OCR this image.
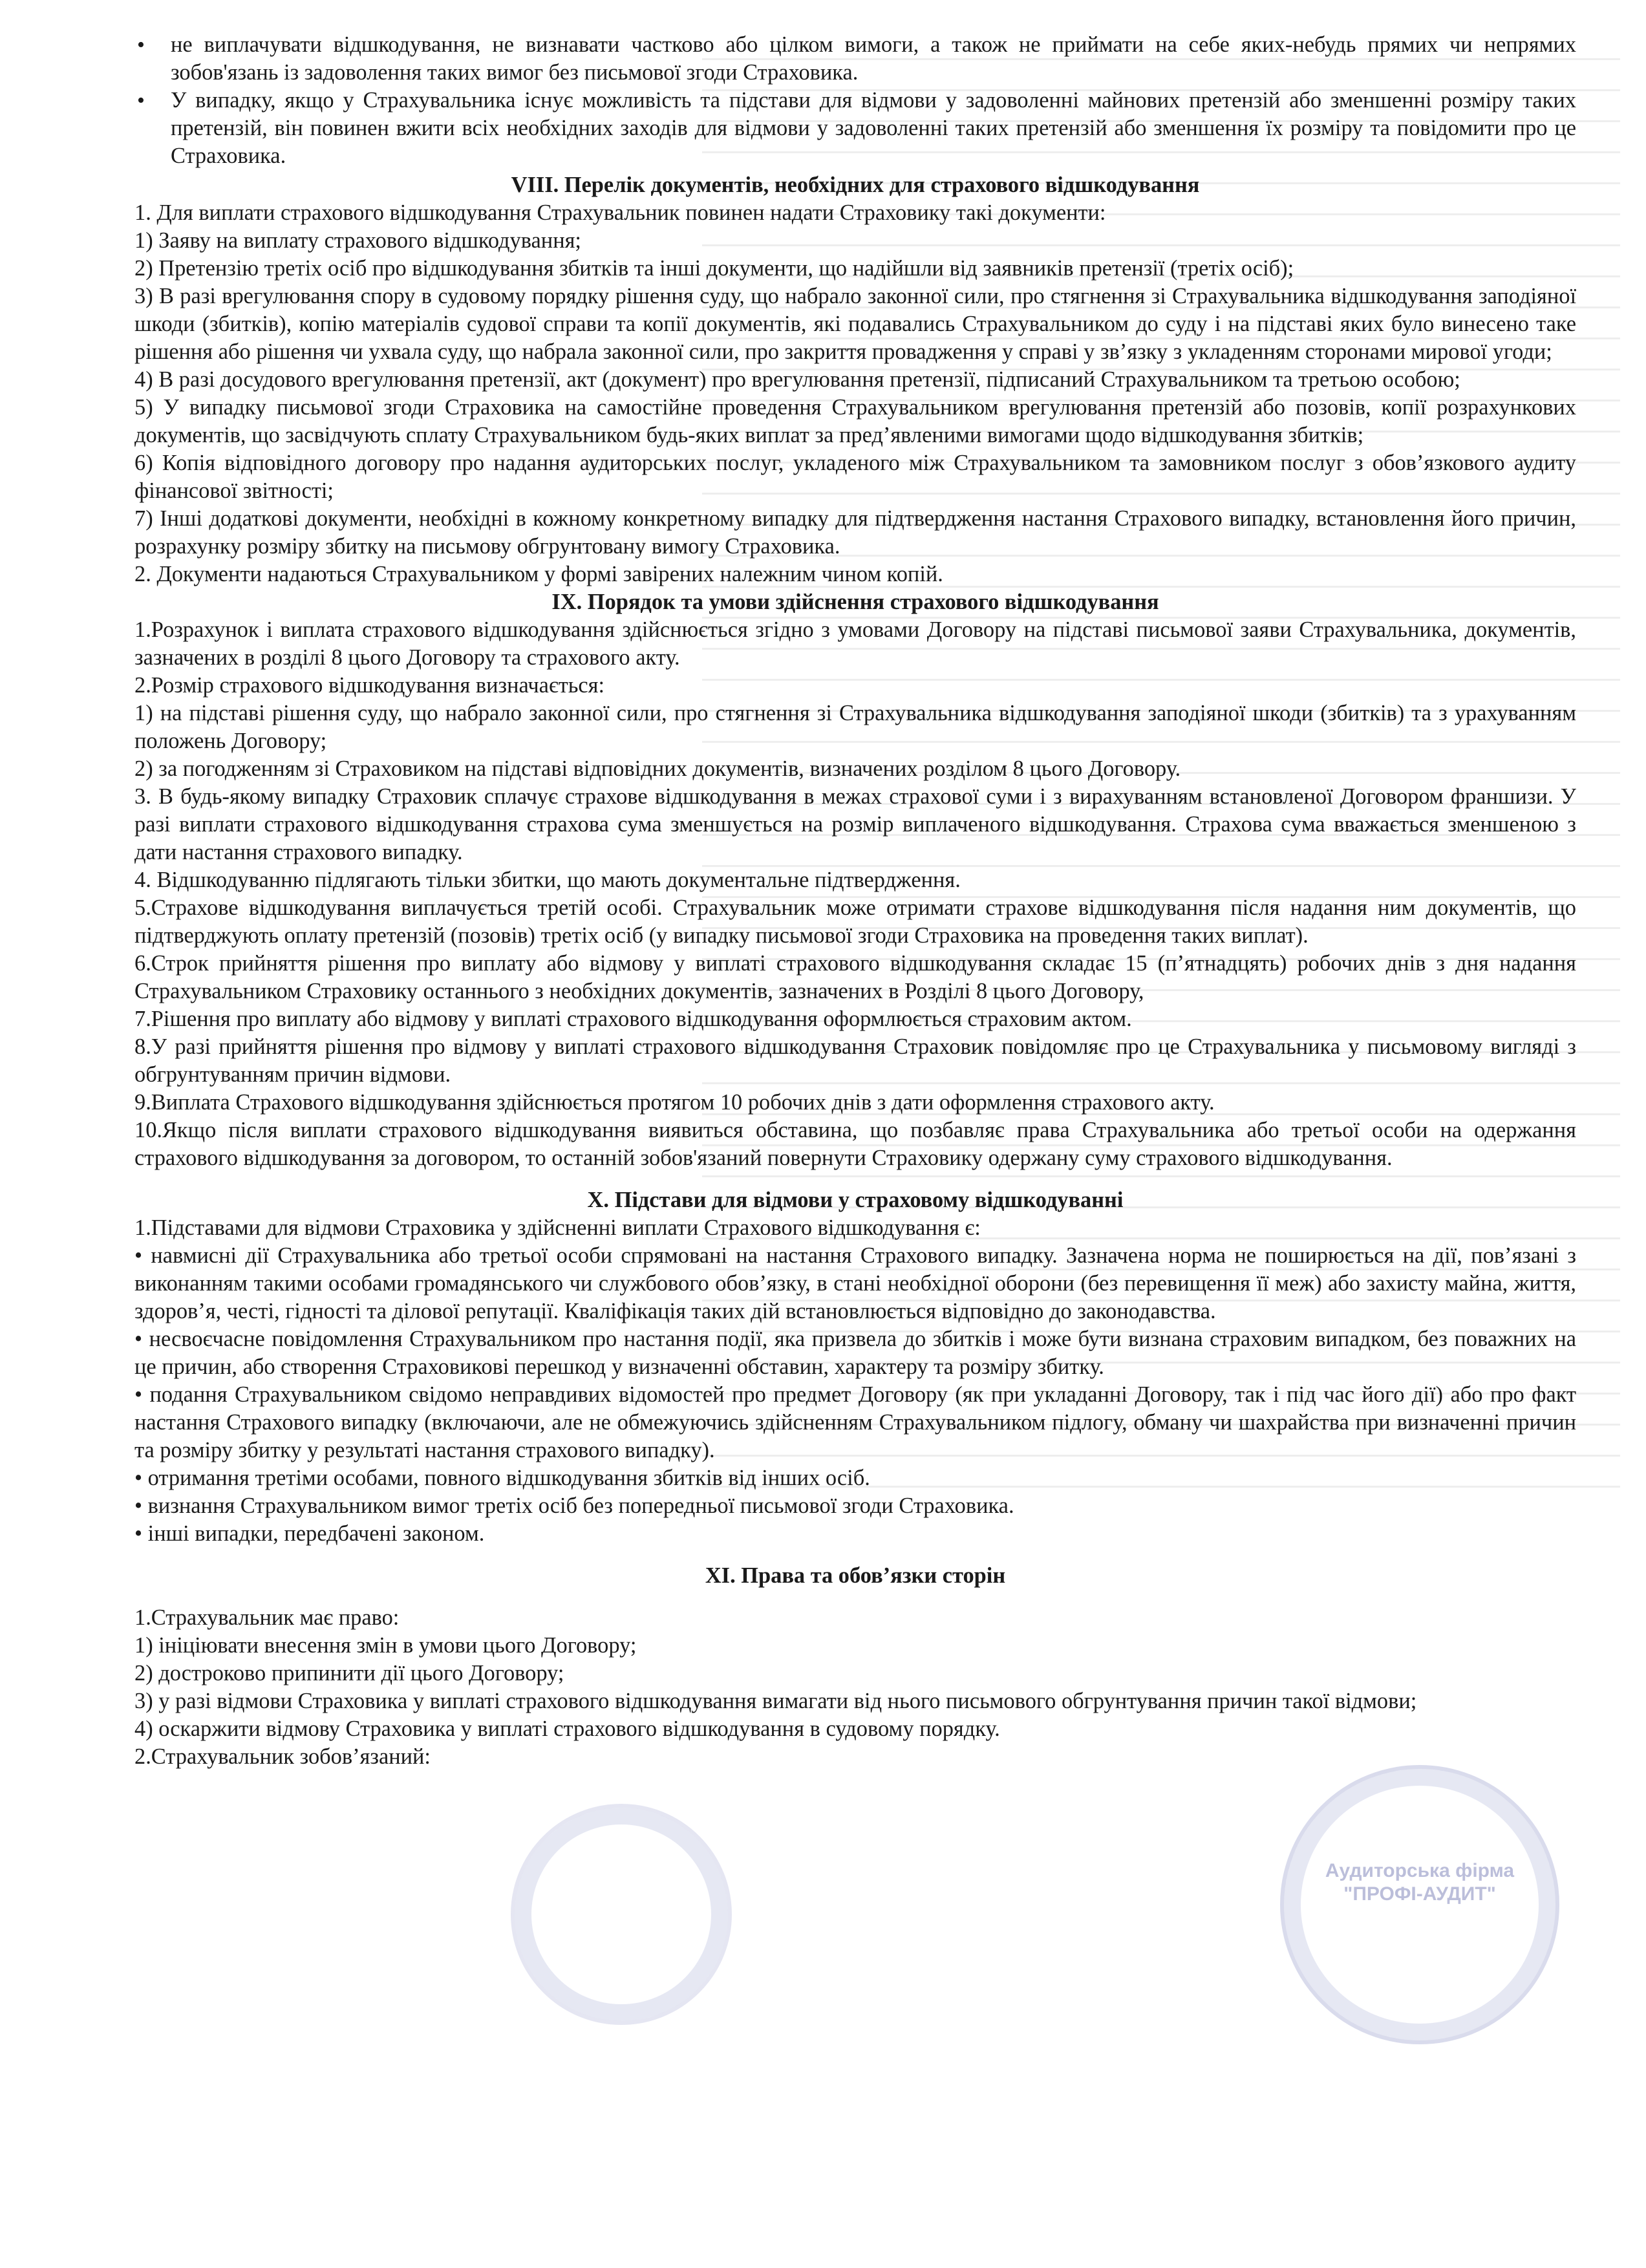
Аудиторська фірма "ПРОФІ-АУДИТ"

• не виплачувати відшкодування, не визнавати частково або цілком вимоги, а також не приймати на себе яких-небудь прямих чи непрямих зобов'язань із задоволення таких вимог без письмової згоди Страховика.

• У випадку, якщо у Страхувальника існує можливість та підстави для відмови у задоволенні майнових претензій або зменшенні розміру таких претензій, він повинен вжити всіх необхідних заходів для відмови у задоволенні таких претензій або зменшення їх розміру та повідомити про це Страховика.

VIII. Перелік документів, необхідних для страхового відшкодування

1. Для виплати страхового відшкодування Страхувальник повинен надати Страховику такі документи:

1) Заяву на виплату страхового відшкодування;

2) Претензію третіх осіб про відшкодування збитків та інші документи, що надійшли від заявників претензії (третіх осіб);

3) В разі врегулювання спору в судовому порядку рішення суду, що набрало законної сили, про стягнення зі Страхувальника відшкодування заподіяної шкоди (збитків), копію матеріалів судової справи та копії документів, які подавались Страхувальником до суду і на підставі яких було винесено таке рішення або рішення чи ухвала суду, що набрала законної сили, про закриття провадження у справі у зв’язку з укладенням сторонами мирової угоди;

4) В разі досудового врегулювання претензії, акт (документ) про врегулювання претензії, підписаний Страхувальником та третьою особою;

5) У випадку письмової згоди Страховика на самостійне проведення Страхувальником врегулювання претензій або позовів, копії розрахункових документів, що засвідчують сплату Страхувальником будь-яких виплат за пред’явленими вимогами щодо відшкодування збитків;

6) Копія відповідного договору про надання аудиторських послуг, укладеного між Страхувальником та замовником послуг з обов’язкового аудиту фінансової звітності;

7) Інші додаткові документи, необхідні в кожному конкретному випадку для підтвердження настання Страхового випадку, встановлення його причин, розрахунку розміру збитку на письмову обгрунтовану вимогу Страховика.

2. Документи надаються Страхувальником у формі завірених належним чином копій.

IX. Порядок та умови здійснення страхового відшкодування

1.Розрахунок і виплата страхового відшкодування здійснюється згідно з умовами Договору на підставі письмової заяви Страхувальника, документів, зазначених в розділі 8 цього Договору та страхового акту.

2.Розмір страхового відшкодування визначається:

1) на підставі рішення суду, що набрало законної сили, про стягнення зі Страхувальника відшкодування заподіяної шкоди (збитків) та з урахуванням положень Договору;

2) за погодженням зі Страховиком на підставі відповідних документів, визначених розділом 8 цього Договору.

3. В будь-якому випадку Страховик сплачує страхове відшкодування в межах страхової суми і з вирахуванням встановленої Договором франшизи. У разі виплати страхового відшкодування страхова сума зменшується на розмір виплаченого відшкодування. Страхова сума вважається зменшеною з дати настання страхового випадку.

4. Відшкодуванню підлягають тільки збитки, що мають документальне підтвердження.

5.Страхове відшкодування виплачується третій особі. Страхувальник може отримати страхове відшкодування після надання ним документів, що підтверджують оплату претензій (позовів) третіх осіб (у випадку письмової згоди Страховика на проведення таких виплат).

6.Строк прийняття рішення про виплату або відмову у виплаті страхового відшкодування складає 15 (п’ятнадцять) робочих днів з дня надання Страхувальником Страховику останнього з необхідних документів, зазначених в Розділі 8 цього Договору,

7.Рішення про виплату або відмову у виплаті страхового відшкодування оформлюється страховим актом.

8.У разі прийняття рішення про відмову у виплаті страхового відшкодування Страховик повідомляє про це Страхувальника у письмовому вигляді з обгрунтуванням причин відмови.

9.Виплата Страхового відшкодування здійснюється протягом 10 робочих днів з дати оформлення страхового акту.

10.Якщо після виплати страхового відшкодування виявиться обставина, що позбавляє права Страхувальника або третьої особи на одержання страхового відшкодування за договором, то останній зобов'язаний повернути Страховику одержану суму страхового відшкодування.

X. Підстави для відмови у страховому відшкодуванні

1.Підставами для відмови Страховика у здійсненні виплати Страхового відшкодування є:

• навмисні дії Страхувальника або третьої особи спрямовані на настання Страхового випадку. Зазначена норма не поширюється на дії, пов’язані з виконанням такими особами громадянського чи службового обов’язку, в стані необхідної оборони (без перевищення її меж) або захисту майна, життя, здоров’я, честі, гідності та ділової репутації. Кваліфікація таких дій встановлюється відповідно до законодавства.

• несвоєчасне повідомлення Страхувальником про настання події, яка призвела до збитків і може бути визнана страховим випадком, без поважних на це причин, або створення Страховикові перешкод у визначенні обставин, характеру та розміру збитку.

• подання Страхувальником свідомо неправдивих відомостей про предмет Договору (як при укладанні Договору, так і під час його дії) або про факт настання Страхового випадку (включаючи, але не обмежуючись здійсненням Страхувальником підлогу, обману чи шахрайства при визначенні причин та розміру збитку у результаті настання страхового випадку).

• отримання третіми особами, повного відшкодування збитків від інших осіб.

• визнання Страхувальником вимог третіх осіб без попередньої письмової згоди Страховика.

• інші випадки, передбачені законом.

XI. Права та обов’язки сторін

1.Страхувальник має право:

1) ініціювати внесення змін в умови цього Договору;

2) достроково припинити дії цього Договору;

3) у разі відмови Страховика у виплаті страхового відшкодування вимагати від нього письмового обгрунтування причин такої відмови;

4) оскаржити відмову Страховика у виплаті страхового відшкодування в судовому порядку.

2.Страхувальник зобов’язаний:
